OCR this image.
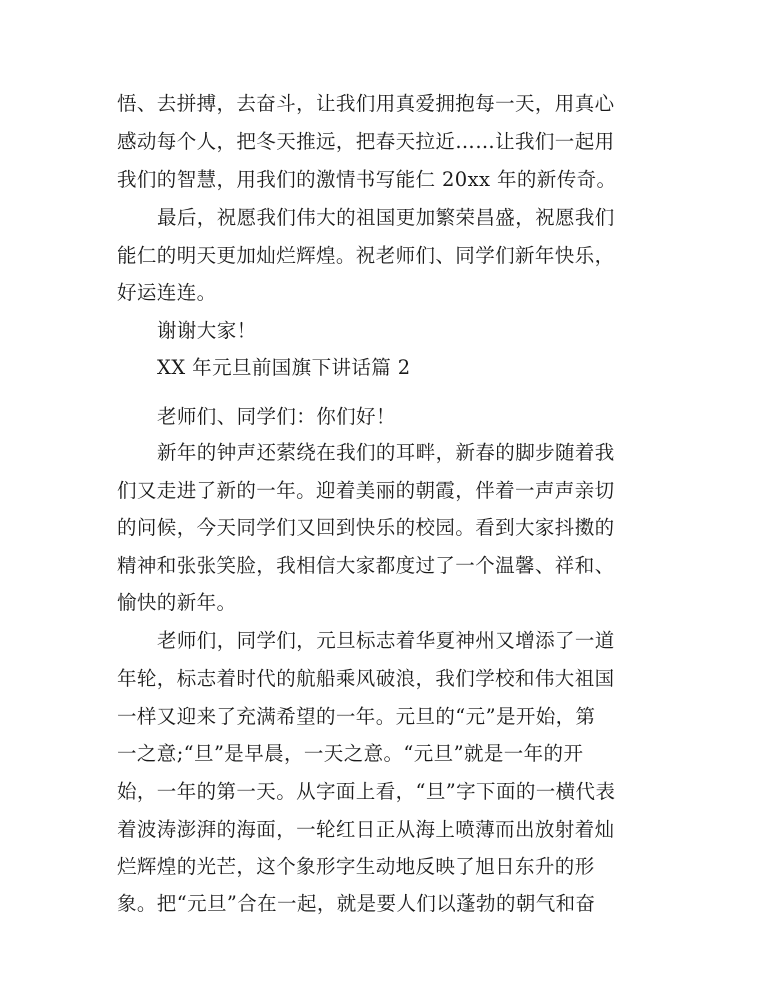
悟、去拼搏，去奋斗，让我们用真爱拥抱每一天，用真心
感动每个人，把冬天推远，把春天拉近……让我们一起用
我们的智慧，用我们的激情书写能仁 20xx 年的新传奇。
最后，祝愿我们伟大的祖国更加繁荣昌盛，祝愿我们
能仁的明天更加灿烂辉煌。祝老师们、同学们新年快乐，
好运连连。
谢谢大家！
XX 年元旦前国旗下讲话篇 2
老师们、同学们：你们好！
新年的钟声还萦绕在我们的耳畔，新春的脚步随着我
们又走进了新的一年。迎着美丽的朝霞，伴着一声声亲切
的问候，今天同学们又回到快乐的校园。看到大家抖擞的
精神和张张笑脸，我相信大家都度过了一个温馨、祥和、
愉快的新年。
老师们，同学们，元旦标志着华夏神州又增添了一道
年轮，标志着时代的航船乘风破浪，我们学校和伟大祖国
一样又迎来了充满希望的一年。元旦的“元”是开始，第
一之意;“旦”是早晨，一天之意。“元旦”就是一年的开
始，一年的第一天。从字面上看，“旦”字下面的一横代表
着波涛澎湃的海面，一轮红日正从海上喷薄而出放射着灿
烂辉煌的光芒，这个象形字生动地反映了旭日东升的形
象。把“元旦”合在一起，就是要人们以蓬勃的朝气和奋
